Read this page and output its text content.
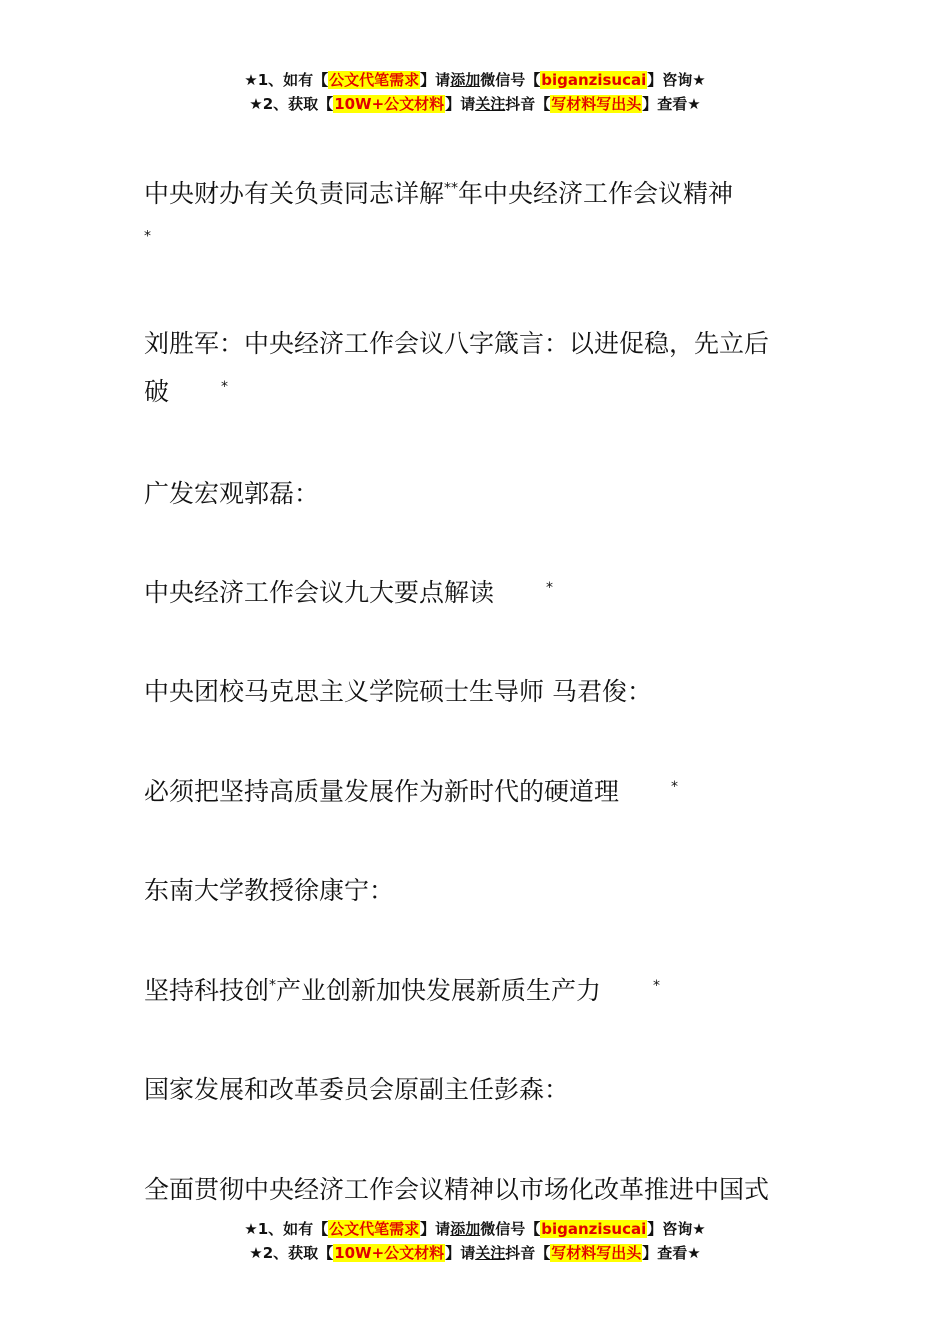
★1、如有【公文代笔需求】请添加微信号【biganzisucai】咨询★
★2、获取【10W+公文材料】请关注抖音【写材料写出头】查看★
中央财办有关负责同志详解**年中央经济工作会议精神
*
刘胜军：中央经济工作会议八字箴言：以进促稳，先立后
破	*
广发宏观郭磊：
中央经济工作会议九大要点解读	*
中央团校马克思主义学院硕士生导师 马君俊：
必须把坚持高质量发展作为新时代的硬道理	*
东南大学教授徐康宁：
坚持科技创*产业创新加快发展新质生产力	*
国家发展和改革委员会原副主任彭森：
全面贯彻中央经济工作会议精神以市场化改革推进中国式
★1、如有【公文代笔需求】请添加微信号【biganzisucai】咨询★
★2、获取【10W+公文材料】请关注抖音【写材料写出头】查看★
